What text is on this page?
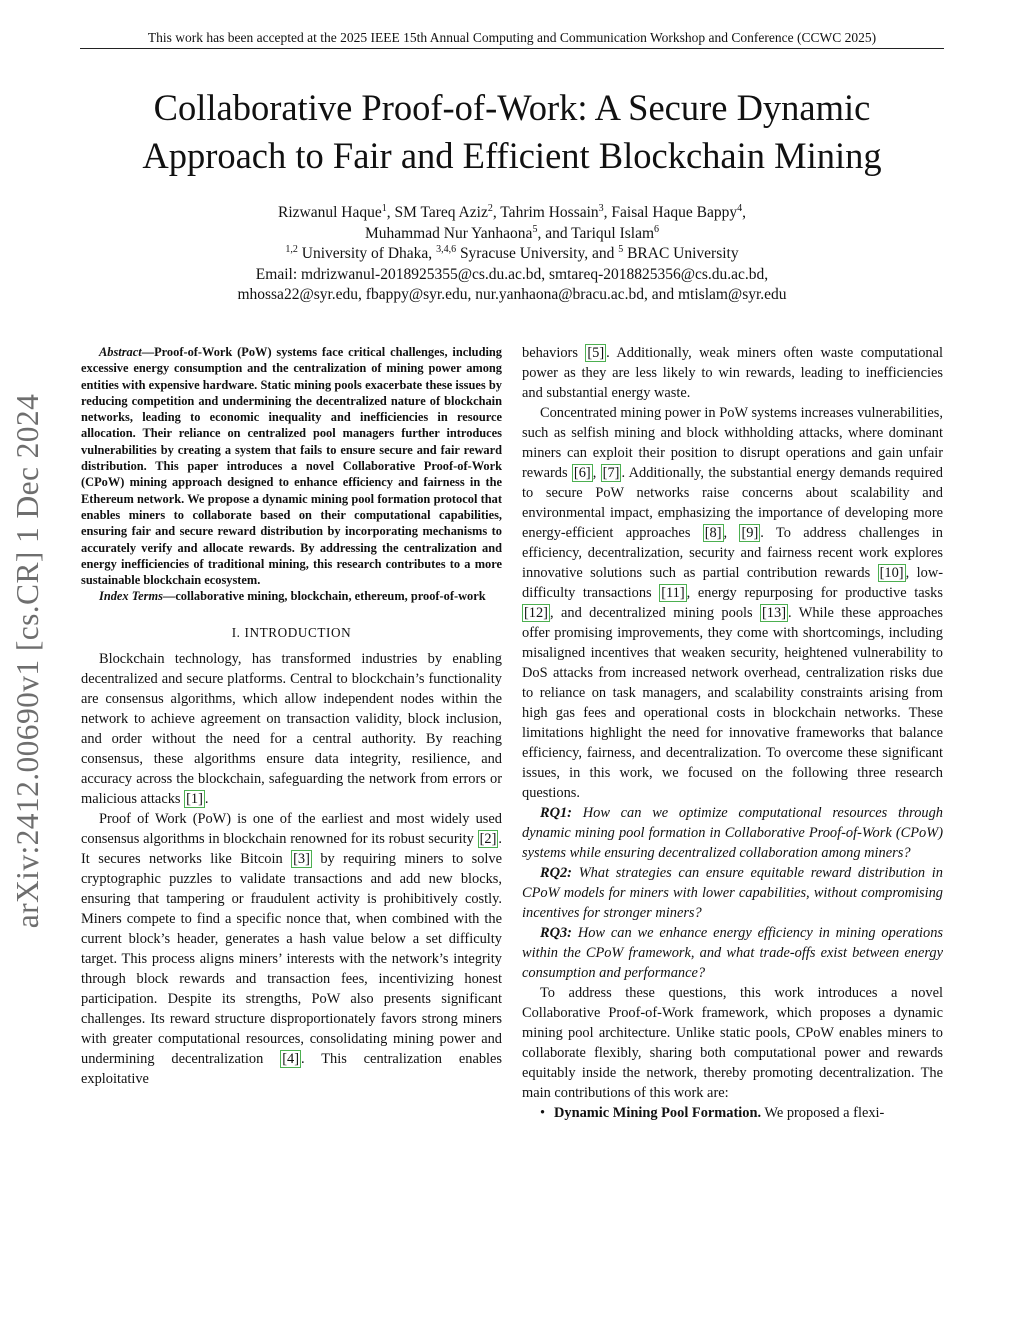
This work has been accepted at the 2025 IEEE 15th Annual Computing and Communication Workshop and Conference (CCWC 2025)
Collaborative Proof-of-Work: A Secure Dynamic
Approach to Fair and Efficient Blockchain Mining
Rizwanul Haque$^1$, SM Tareq Aziz$^2$, Tahrim Hossain$^3$, Faisal Haque Bappy$^4$,
Muhammad Nur Yanhaona$^5$, and Tariqul Islam$^6$
$^{1,2}$ University of Dhaka, $^{3,4,6}$ Syracuse University, and $^5$ BRAC University
Email: mdrizwanul-2018925355@cs.du.ac.bd, smtareq-2018825356@cs.du.ac.bd,
mhossa22@syr.edu, fbappy@syr.edu, nur.yanhaona@bracu.ac.bd, and mtislam@syr.edu
arXiv:2412.00690v1 [cs.CR] 1 Dec 2024

Abstract—Proof-of-Work (PoW) systems face critical challenges, including excessive energy consumption and the centralization of mining power among entities with expensive hardware. Static mining pools exacerbate these issues by reducing competition and undermining the decentralized nature of blockchain networks, leading to economic inequality and inefficiencies in resource allocation. Their reliance on centralized pool managers further introduces vulnerabilities by creating a system that fails to ensure secure and fair reward distribution. This paper introduces a novel Collaborative Proof-of-Work (CPoW) mining approach designed to enhance efficiency and fairness in the Ethereum network. We propose a dynamic mining pool formation protocol that enables miners to collaborate based on their computational capabilities, ensuring fair and secure reward distribution by incorporating mechanisms to accurately verify and allocate rewards. By addressing the centralization and energy inefficiencies of traditional mining, this research contributes to a more sustainable blockchain ecosystem.

Index Terms—collaborative mining, blockchain, ethereum, proof-of-work

I. INTRODUCTION

Blockchain technology, has transformed industries by enabling decentralized and secure platforms. Central to blockchain’s functionality are consensus algorithms, which allow independent nodes within the network to achieve agreement on transaction validity, block inclusion, and order without the need for a central authority. By reaching consensus, these algorithms ensure data integrity, resilience, and accuracy across the blockchain, safeguarding the network from errors or malicious attacks [1] .

Proof of Work (PoW) is one of the earliest and most widely used consensus algorithms in blockchain renowned for its robust security [2] . It secures networks like Bitcoin [3] by requiring miners to solve cryptographic puzzles to validate transactions and add new blocks, ensuring that tampering or fraudulent activity is prohibitively costly. Miners compete to find a specific nonce that, when combined with the current block’s header, generates a hash value below a set difficulty target. This process aligns miners’ interests with the network’s integrity through block rewards and transaction fees, incentivizing honest participation. Despite its strengths, PoW also presents significant challenges. Its reward structure disproportionately favors strong miners with greater computational resources, consolidating mining power and undermining decentralization [4] . This centralization enables exploitative

behaviors [5] . Additionally, weak miners often waste computational power as they are less likely to win rewards, leading to inefficiencies and substantial energy waste.

Concentrated mining power in PoW systems increases vulnerabilities, such as selfish mining and block withholding attacks, where dominant miners can exploit their position to disrupt operations and gain unfair rewards [6] , [7] . Additionally, the substantial energy demands required to secure PoW networks raise concerns about scalability and environmental impact, emphasizing the importance of developing more energy-efficient approaches [8] , [9] . To address challenges in efficiency, decentralization, security and fairness recent work explores innovative solutions such as partial contribution rewards [10] , low-difficulty transactions [11] , energy repurposing for productive tasks [12] , and decentralized mining pools [13] . While these approaches offer promising improvements, they come with shortcomings, including misaligned incentives that weaken security, heightened vulnerability to DoS attacks from increased network overhead, centralization risks due to reliance on task managers, and scalability constraints arising from high gas fees and operational costs in blockchain networks. These limitations highlight the need for innovative frameworks that balance efficiency, fairness, and decentralization. To overcome these significant issues, in this work, we focused on the following three research questions.

RQ1: How can we optimize computational resources through dynamic mining pool formation in Collaborative Proof-of-Work (CPoW) systems while ensuring decentralized collaboration among miners?

RQ2: What strategies can ensure equitable reward distribution in CPoW models for miners with lower capabilities, without compromising incentives for stronger miners?

RQ3: How can we enhance energy efficiency in mining operations within the CPoW framework, and what trade-offs exist between energy consumption and performance?

To address these questions, this work introduces a novel Collaborative Proof-of-Work framework, which proposes a dynamic mining pool architecture. Unlike static pools, CPoW enables miners to collaborate flexibly, sharing both computational power and rewards equitably inside the network, thereby promoting decentralization. The main contributions of this work are:

• Dynamic Mining Pool Formation. We proposed a flexi-
